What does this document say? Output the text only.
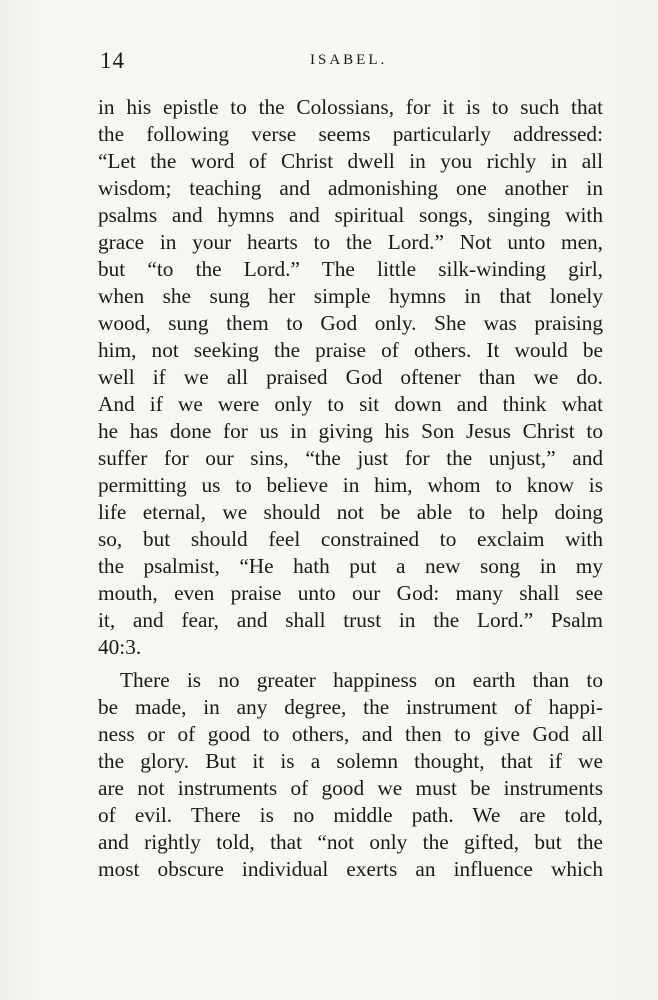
14	ISABEL.
in his epistle to the Colossians, for it is to such that
the following verse seems particularly addressed:
“Let the word of Christ dwell in you richly in all
wisdom; teaching and admonishing one another in
psalms and hymns and spiritual songs, singing with
grace in your hearts to the Lord.” Not unto men,
but “to the Lord.” The little silk-winding girl,
when she sung her simple hymns in that lonely
wood, sung them to God only. She was praising
him, not seeking the praise of others. It would be
well if we all praised God oftener than we do.
And if we were only to sit down and think what
he has done for us in giving his Son Jesus Christ to
suffer for our sins, “the just for the unjust,” and
permitting us to believe in him, whom to know is
life eternal, we should not be able to help doing
so, but should feel constrained to exclaim with
the psalmist, “He hath put a new song in my
mouth, even praise unto our God: many shall see
it, and fear, and shall trust in the Lord.” Psalm
40:3.
There is no greater happiness on earth than to
be made, in any degree, the instrument of happi-
ness or of good to others, and then to give God all
the glory. But it is a solemn thought, that if we
are not instruments of good we must be instruments
of evil. There is no middle path. We are told,
and rightly told, that “not only the gifted, but the
most obscure individual exerts an influence which
